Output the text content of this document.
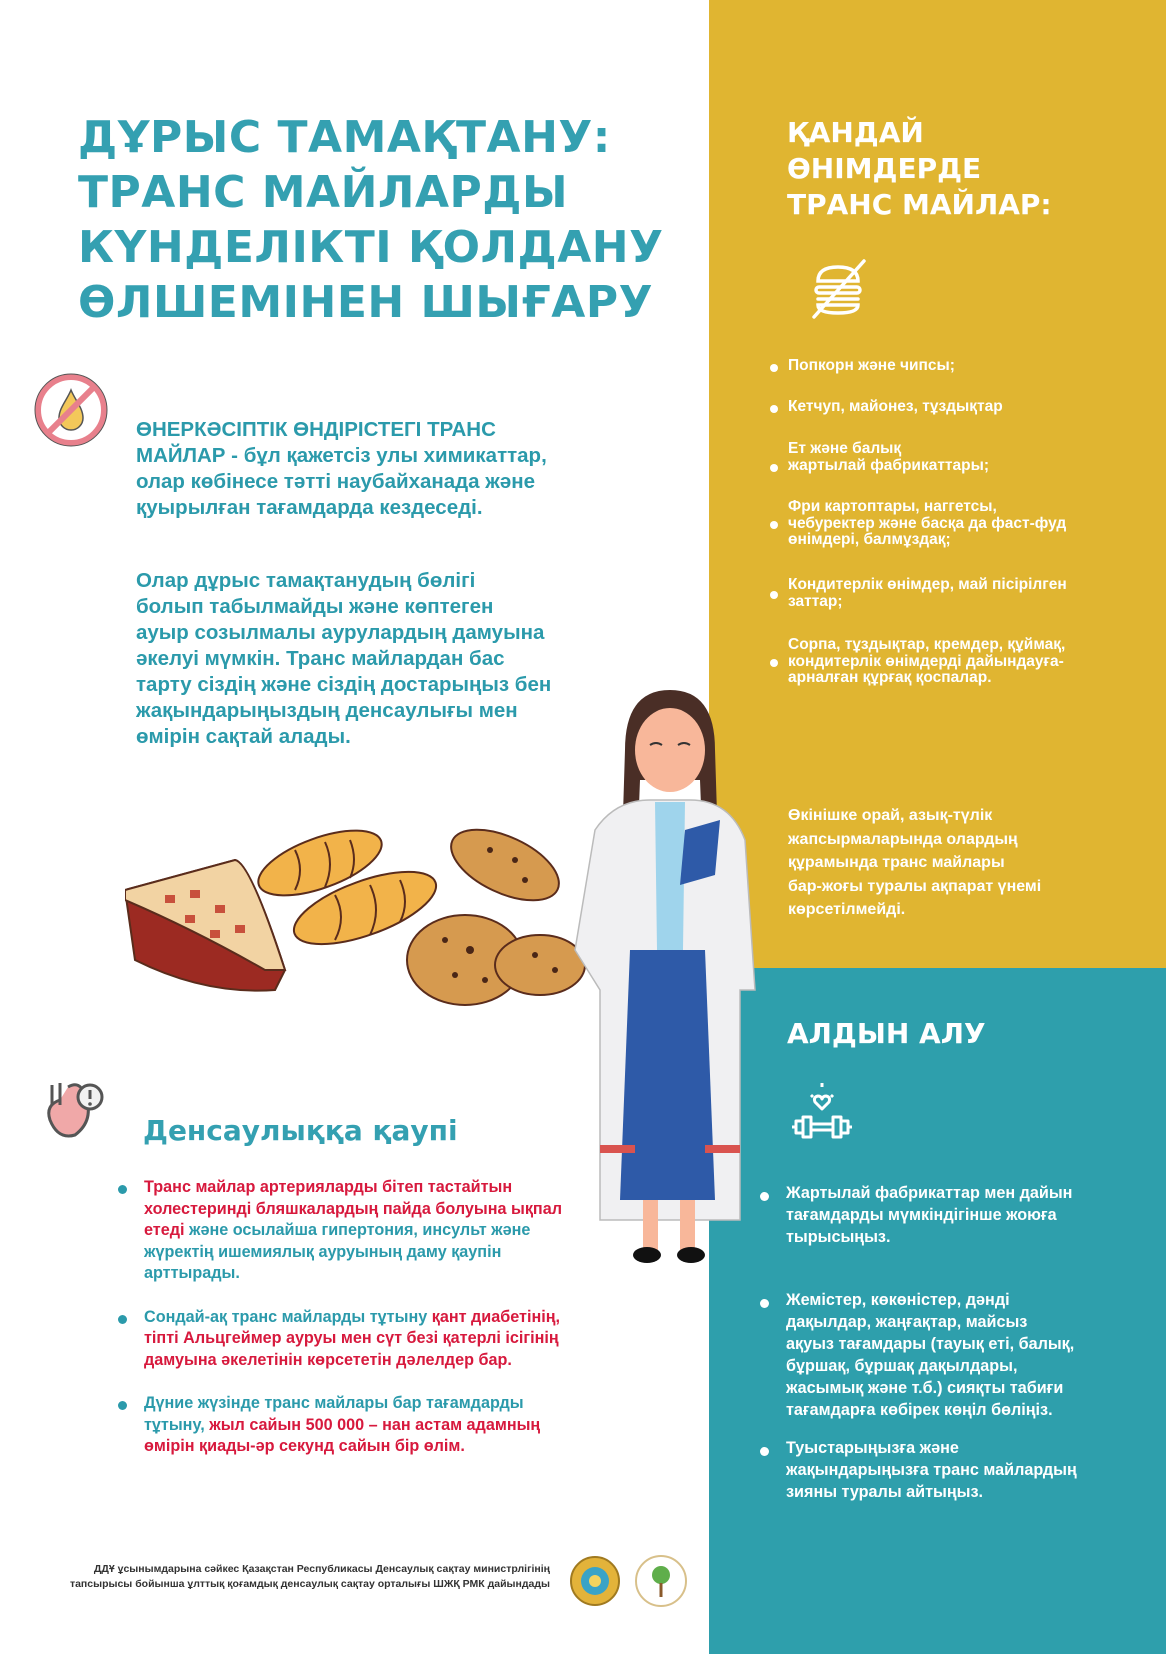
ДҰРЫС ТАМАҚТАНУ:
ТРАНС МАЙЛАРДЫ
КҮНДЕЛІКТІ ҚОЛДАНУ
ӨЛШЕМІНЕН ШЫҒАРУ
ӨНЕРКӘСІПТІК ӨНДІРІСТЕГІ ТРАНС
МАЙЛАР - бұл қажетсіз улы химикаттар,
олар көбінесе тәтті наубайханада және
қуырылған тағамдарда кездеседі.
Олар дұрыс тамақтанудың бөлігі
болып табылмайды және көптеген
ауыр созылмалы аурулардың дамуына
әкелуі мүмкін. Транс майлардан бас
тарту сіздің және сіздің достарыңыз бен
жақындарыңыздың денсаулығы мен
өмірін сақтай алады.
Денсаулыққа қаупі
Транс майлар артерияларды бітеп тастайтын холестеринді бляшкалардың пайда болуына ықпал етеді және осылайша гипертония, инсульт және жүректің ишемиялық ауруының даму қаупін арттырады.
Сондай-ақ транс майларды тұтыну қант диабетінің, тіпті Альцгеймер ауруы мен сүт безі қатерлі ісігінің дамуына әкелетінін көрсететін дәлелдер бар.
Дүние жүзінде транс майлары бар тағамдарды тұтыну, жыл сайын 500 000 – нан астам адамның өмірін қиады-әр секунд сайын бір өлім.
ДДҰ ұсынымдарына сәйкес Қазақстан Республикасы Денсаулық сақтау министрлігінің
тапсырысы бойынша ұлттық қоғамдық денсаулық сақтау орталығы ШЖҚ РМК дайындады
ҚАНДАЙ
ӨНІМДЕРДЕ
ТРАНС МАЙЛАР:
Попкорн және чипсы;
Кетчуп, майонез, тұздықтар
Ет және балық
жартылай фабрикаттары;
Фри картоптары, наггетсы,
чебуректер және басқа да фаст-фуд
өнімдері, балмұздақ;
Кондитерлік өнімдер, май пісірілген
заттар;
Сорпа, тұздықтар, кремдер, құймақ,
кондитерлік өнімдерді дайындауға-
арналған құрғақ қоспалар.
Өкінішке орай, азық-түлік
жапсырмаларында олардың
құрамында транс майлары
бар-жоғы туралы ақпарат үнемі
көрсетілмейді.
АЛДЫН АЛУ
Жартылай фабрикаттар мен дайын
тағамдарды мүмкіндігінше жоюға
тырысыңыз.
Жемістер, көкөністер, дәнді
дақылдар, жаңғақтар, майсыз
ақуыз тағамдары (тауық еті, балық,
бұршақ, бұршақ дақылдары,
жасымық және т.б.) сияқты табиғи
тағамдарға көбірек көңіл бөліңіз.
Туыстарыңызға және
жақындарыңызға транс майлардың
зияны туралы айтыңыз.
